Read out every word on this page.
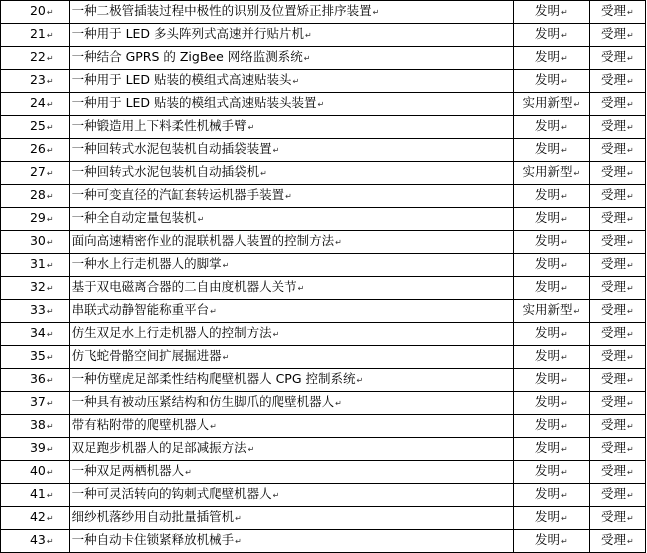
20↵	一种二极管插装过程中极性的识别及位置矫正排序装置↵	发明↵	受理↵
21↵	一种用于 LED 多头阵列式高速并行贴片机↵	发明↵	受理↵
22↵	一种结合 GPRS 的 ZigBee 网络监测系统↵	发明↵	受理↵
23↵	一种用于 LED 贴装的模组式高速贴装头↵	发明↵	受理↵
24↵	一种用于 LED 贴装的模组式高速贴装头装置↵	实用新型↵	受理↵
25↵	一种锻造用上下料柔性机械手臂↵	发明↵	受理↵
26↵	一种回转式水泥包装机自动插袋装置↵	发明↵	受理↵
27↵	一种回转式水泥包装机自动插袋机↵	实用新型↵	受理↵
28↵	一种可变直径的汽缸套转运机器手装置↵	发明↵	受理↵
29↵	一种全自动定量包装机↵	发明↵	受理↵
30↵	面向高速精密作业的混联机器人装置的控制方法↵	发明↵	受理↵
31↵	一种水上行走机器人的脚掌↵	发明↵	受理↵
32↵	基于双电磁离合器的二自由度机器人关节↵	发明↵	受理↵
33↵	串联式动静智能称重平台↵	实用新型↵	受理↵
34↵	仿生双足水上行走机器人的控制方法↵	发明↵	受理↵
35↵	仿飞蛇骨骼空间扩展掘进器↵	发明↵	受理↵
36↵	一种仿壁虎足部柔性结构爬壁机器人 CPG 控制系统↵	发明↵	受理↵
37↵	一种具有被动压紧结构和仿生脚爪的爬壁机器人↵	发明↵	受理↵
38↵	带有粘附带的爬壁机器人↵	发明↵	受理↵
39↵	双足跑步机器人的足部减振方法↵	发明↵	受理↵
40↵	一种双足两栖机器人↵	发明↵	受理↵
41↵	一种可灵活转向的钩刺式爬壁机器人↵	发明↵	受理↵
42↵	细纱机落纱用自动批量插管机↵	发明↵	受理↵
43↵	一种自动卡住锁紧释放机械手↵	发明↵	受理↵
